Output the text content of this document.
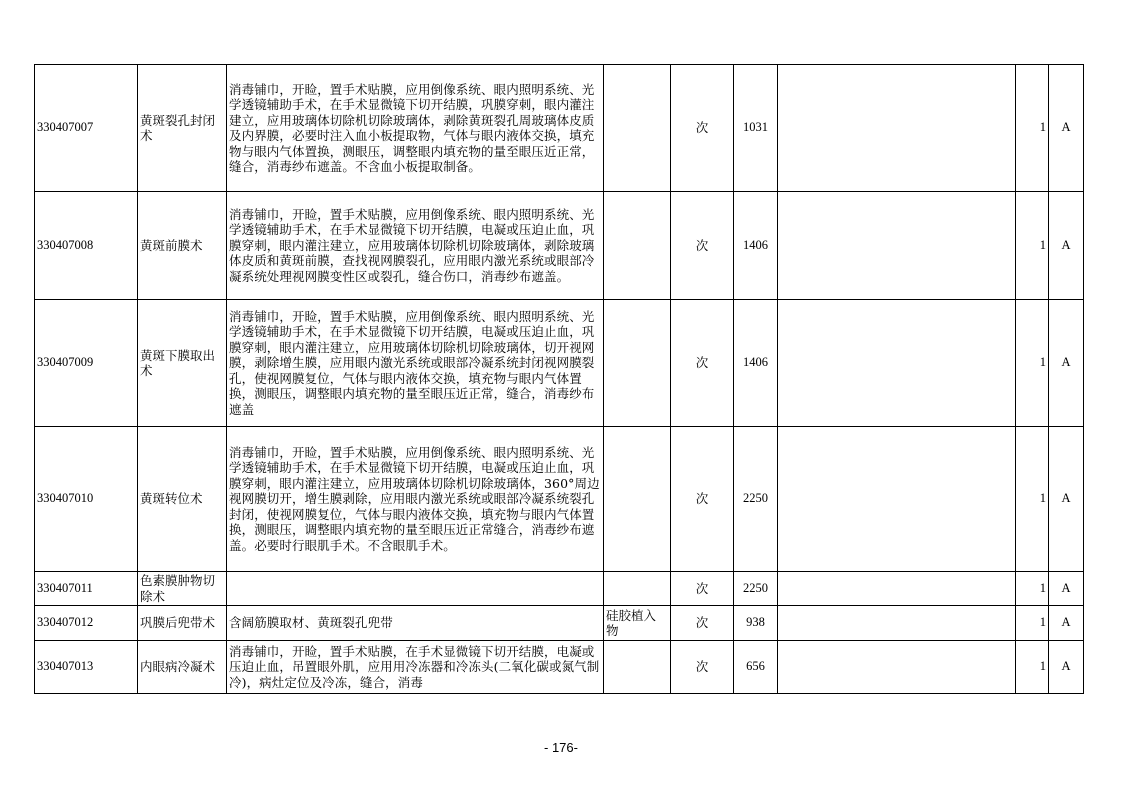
330407007	黄斑裂孔封闭术	消毒铺巾，开睑，置手术贴膜，应用倒像系统、眼内照明系统、光学透镜辅助手术，在手术显微镜下切开结膜，巩膜穿刺，眼内灌注建立，应用玻璃体切除机切除玻璃体，剥除黄斑裂孔周玻璃体皮质及内界膜，必要时注入血小板提取物，气体与眼内液体交换，填充物与眼内气体置换，测眼压，调整眼内填充物的量至眼压近正常，缝合，消毒纱布遮盖。不含血小板提取制备。		次	1031		1	A
330407008	黄斑前膜术	消毒铺巾，开睑，置手术贴膜，应用倒像系统、眼内照明系统、光学透镜辅助手术，在手术显微镜下切开结膜，电凝或压迫止血，巩膜穿刺，眼内灌注建立，应用玻璃体切除机切除玻璃体，剥除玻璃体皮质和黄斑前膜，查找视网膜裂孔，应用眼内激光系统或眼部冷凝系统处理视网膜变性区或裂孔，缝合伤口，消毒纱布遮盖。		次	1406		1	A
330407009	黄斑下膜取出术	消毒铺巾，开睑，置手术贴膜，应用倒像系统、眼内照明系统、光学透镜辅助手术，在手术显微镜下切开结膜，电凝或压迫止血，巩膜穿刺，眼内灌注建立，应用玻璃体切除机切除玻璃体，切开视网膜，剥除增生膜，应用眼内激光系统或眼部冷凝系统封闭视网膜裂孔，使视网膜复位，气体与眼内液体交换，填充物与眼内气体置换，测眼压，调整眼内填充物的量至眼压近正常，缝合，消毒纱布遮盖		次	1406		1	A
330407010	黄斑转位术	消毒铺巾，开睑，置手术贴膜，应用倒像系统、眼内照明系统、光学透镜辅助手术，在手术显微镜下切开结膜，电凝或压迫止血，巩膜穿刺，眼内灌注建立，应用玻璃体切除机切除玻璃体，360°周边视网膜切开，增生膜剥除，应用眼内激光系统或眼部冷凝系统裂孔封闭，使视网膜复位，气体与眼内液体交换，填充物与眼内气体置换，测眼压，调整眼内填充物的量至眼压近正常缝合，消毒纱布遮盖。必要时行眼肌手术。不含眼肌手术。		次	2250		1	A
330407011	色素膜肿物切除术			次	2250		1	A
330407012	巩膜后兜带术	含阔筋膜取材、黄斑裂孔兜带	硅胶植入物	次	938		1	A
330407013	内眼病冷凝术	消毒铺巾，开睑，置手术贴膜，在手术显微镜下切开结膜，电凝或压迫止血，吊置眼外肌，应用用冷冻器和冷冻头(二氧化碳或氮气制冷)，病灶定位及冷冻，缝合，消毒		次	656		1	A
- 176-
